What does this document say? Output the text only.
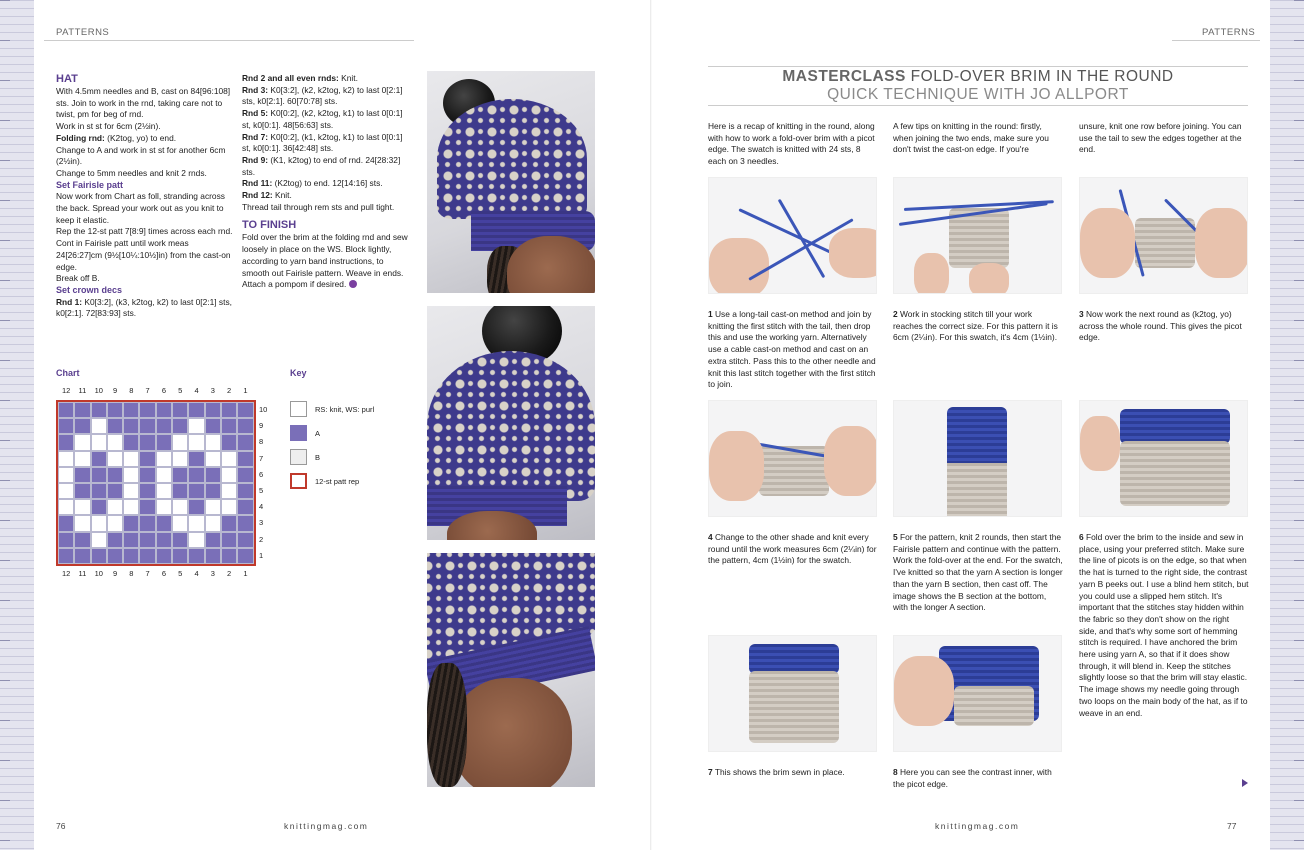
PATTERNS
HAT
With 4.5mm needles and B, cast on 84[96:108] sts. Join to work in the rnd, taking care not to twist, pm for beg of rnd.
Work in st st for 6cm (2½in).
Folding rnd: (K2tog, yo) to end.
Change to A and work in st st for another 6cm (2½in).
Change to 5mm needles and knit 2 rnds.
Set Fairisle patt
Now work from Chart as foll, stranding across the back. Spread your work out as you knit to keep it elastic.
Rep the 12-st patt 7[8:9] times across each rnd.
Cont in Fairisle patt until work meas 24[26:27]cm (9½[10¼:10½]in) from the cast-on edge.
Break off B.
Set crown decs
Rnd 1: K0[3:2], (k3, k2tog, k2) to last 0[2:1] sts, k0[2:1]. 72[83:93] sts.
Rnd 2 and all even rnds: Knit.
Rnd 3: K0[3:2], (k2, k2tog, k2) to last 0[2:1] sts, k0[2:1]. 60[70:78] sts.
Rnd 5: K0[0:2], (k2, k2tog, k1) to last 0[0:1] st, k0[0:1]. 48[56:63] sts.
Rnd 7: K0[0:2], (k1, k2tog, k1) to last 0[0:1] st, k0[0:1]. 36[42:48] sts.
Rnd 9: (K1, k2tog) to end of rnd. 24[28:32] sts.
Rnd 11: (K2tog) to end. 12[14:16] sts.
Rnd 12: Knit.
Thread tail through rem sts and pull tight.
TO FINISH
Fold over the brim at the folding rnd and sew loosely in place on the WS. Block lightly, according to yarn band instructions, to smooth out Fairisle pattern. Weave in ends. Attach a pompom if desired.
Chart
12	11	10	9	8	7	6	5	4	3	2	1
10
9
8
7
6
5
4
3
2
1
12	11	10	9	8	7	6	5	4	3	2	1
Key
RS: knit, WS: purl
A
B
12-st patt rep
76	knittingmag.com
PATTERNS
MASTERCLASS FOLD-OVER BRIM IN THE ROUND
QUICK TECHNIQUE WITH JO ALLPORT
Here is a recap of knitting in the round, along with how to work a fold-over brim with a picot edge. The swatch is knitted with 24 sts, 8 each on 3 needles.
A few tips on knitting in the round: firstly, when joining the two ends, make sure you don't twist the cast-on edge. If you're
unsure, knit one row before joining. You can use the tail to sew the edges together at the end.
1 Use a long-tail cast-on method and join by knitting the first stitch with the tail, then drop this and use the working yarn. Alternatively use a cable cast-on method and cast on an extra stitch. Pass this to the other needle and knit this last stitch together with the first stitch to join.
2 Work in stocking stitch till your work reaches the correct size. For this pattern it is 6cm (2¼in). For this swatch, it's 4cm (1½in).
3 Now work the next round as (k2tog, yo) across the whole round. This gives the picot edge.
4 Change to the other shade and knit every round until the work measures 6cm (2¼in) for the pattern, 4cm (1½in) for the swatch.
5 For the pattern, knit 2 rounds, then start the Fairisle pattern and continue with the pattern. Work the fold-over at the end. For the swatch, I've knitted so that the yarn A section is longer than the yarn B section, then cast off. The image shows the B section at the bottom, with the longer A section.
6 Fold over the brim to the inside and sew in place, using your preferred stitch. Make sure the line of picots is on the edge, so that when the hat is turned to the right side, the contrast yarn B peeks out. I use a blind hem stitch, but you could use a slipped hem stitch. It's important that the stitches stay hidden within the fabric so they don't show on the right side, and that's why some sort of hemming stitch is required. I have anchored the brim here using yarn A, so that if it does show through, it will blend in. Keep the stitches slightly loose so that the brim will stay elastic. The image shows my needle going through two loops on the main body of the hat, as if to weave in an end.
7 This shows the brim sewn in place.	8 Here you can see the contrast inner, with the picot edge.
knittingmag.com	77
